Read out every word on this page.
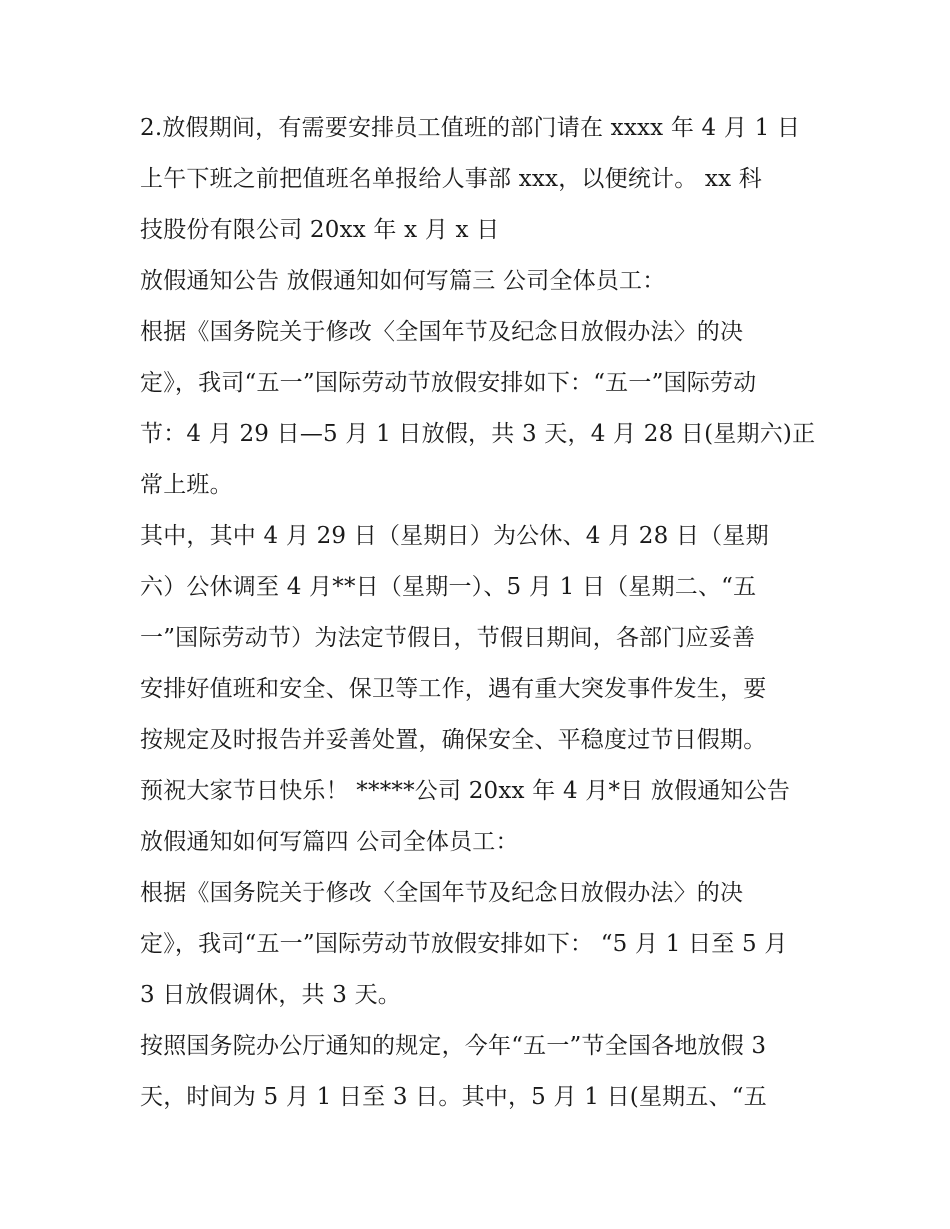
2.放假期间，有需要安排员工值班的部门请在 xxxx 年 4 月 1 日
上午下班之前把值班名单报给人事部 xxx，以便统计。 xx 科
技股份有限公司 20xx 年 x 月 x 日
放假通知公告 放假通知如何写篇三 公司全体员工：
根据《国务院关于修改〈全国年节及纪念日放假办法〉的决
定》，我司“五一”国际劳动节放假安排如下：“五一”国际劳动
节：4 月 29 日—5 月 1 日放假，共 3 天，4 月 28 日(星期六)正
常上班。
其中，其中 4 月 29 日（星期日）为公休、4 月 28 日（星期
六）公休调至 4 月**日（星期一）、5 月 1 日（星期二、“五
一”国际劳动节）为法定节假日，节假日期间，各部门应妥善
安排好值班和安全、保卫等工作，遇有重大突发事件发生，要
按规定及时报告并妥善处置，确保安全、平稳度过节日假期。
预祝大家节日快乐！ *****公司 20xx 年 4 月*日 放假通知公告
放假通知如何写篇四 公司全体员工：
根据《国务院关于修改〈全国年节及纪念日放假办法〉的决
定》，我司“五一”国际劳动节放假安排如下： “5 月 1 日至 5 月
3 日放假调休，共 3 天。
按照国务院办公厅通知的规定，今年“五一”节全国各地放假 3
天，时间为 5 月 1 日至 3 日。其中，5 月 1 日(星期五、“五
